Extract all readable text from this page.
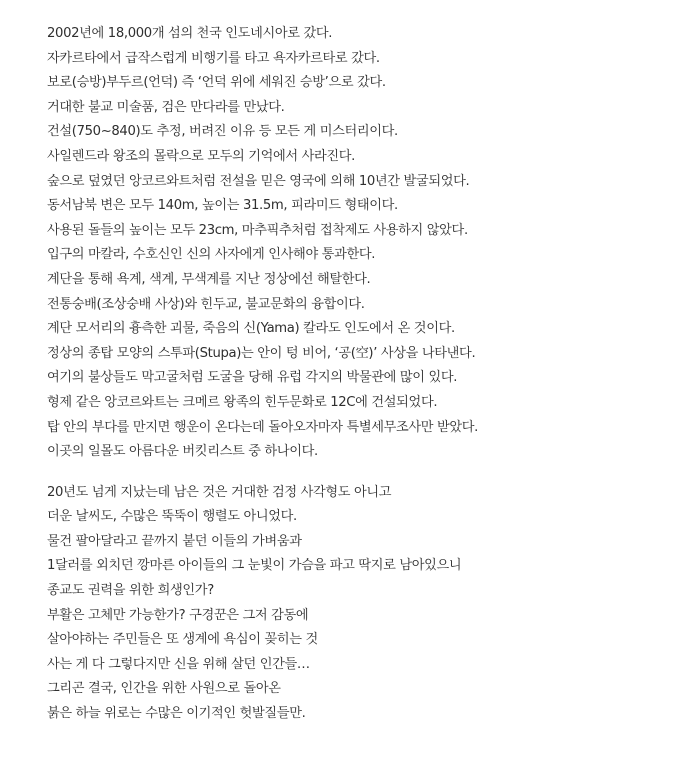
2002년에 18,000개 섬의 천국 인도네시아로 갔다.
자카르타에서 급작스럽게 비행기를 타고 욕자카르타로 갔다.
보로(승방)부두르(언덕) 즉 ‘언덕 위에 세워진 승방’으로 갔다.
거대한 불교 미술품, 검은 만다라를 만났다.
건설(750~840)도 추정, 버려진 이유 등 모든 게 미스터리이다.
사일렌드라 왕조의 몰락으로 모두의 기억에서 사라진다.
숲으로 덮였던 앙코르와트처럼 전설을 믿은 영국에 의해 10년간 발굴되었다.
동서남북 변은 모두 140m, 높이는 31.5m, 피라미드 형태이다.
사용된 돌들의 높이는 모두 23cm, 마추픽추처럼 접착제도 사용하지 않았다.
입구의 마칼라, 수호신인 신의 사자에게 인사해야 통과한다.
계단을 통해 욕계, 색계, 무색계를 지난 정상에선 해탈한다.
전통숭배(조상숭배 사상)와 힌두교, 불교문화의 융합이다.
계단 모서리의 흉측한 괴물, 죽음의 신(Yama) 칼라도 인도에서 온 것이다.
정상의 종탑 모양의 스투파(Stupa)는 안이 텅 비어, ‘공(空)’ 사상을 나타낸다.
여기의 불상들도 막고굴처럼 도굴을 당해 유럽 각지의 박물관에 많이 있다.
형제 같은 앙코르와트는 크메르 왕족의 힌두문화로 12C에 건설되었다.
탑 안의 부다를 만지면 행운이 온다는데 돌아오자마자 특별세무조사만 받았다.
이곳의 일몰도 아름다운 버킷리스트 중 하나이다.
20년도 넘게 지났는데 남은 것은 거대한 검정 사각형도 아니고
더운 날씨도, 수많은 뚝뚝이 행렬도 아니었다.
물건 팔아달라고 끝까지 붙던 이들의 가벼움과
1달러를 외치던 깡마른 아이들의 그 눈빛이 가슴을 파고 딱지로 남아있으니
종교도 권력을 위한 희생인가?
부활은 고체만 가능한가? 구경꾼은 그저 감동에
살아야하는 주민들은 또 생계에 욕심이 꽂히는 것
사는 게 다 그렇다지만 신을 위해 살던 인간들…
그리곤 결국, 인간을 위한 사원으로 돌아온
붉은 하늘 위로는 수많은 이기적인 헛발질들만.
